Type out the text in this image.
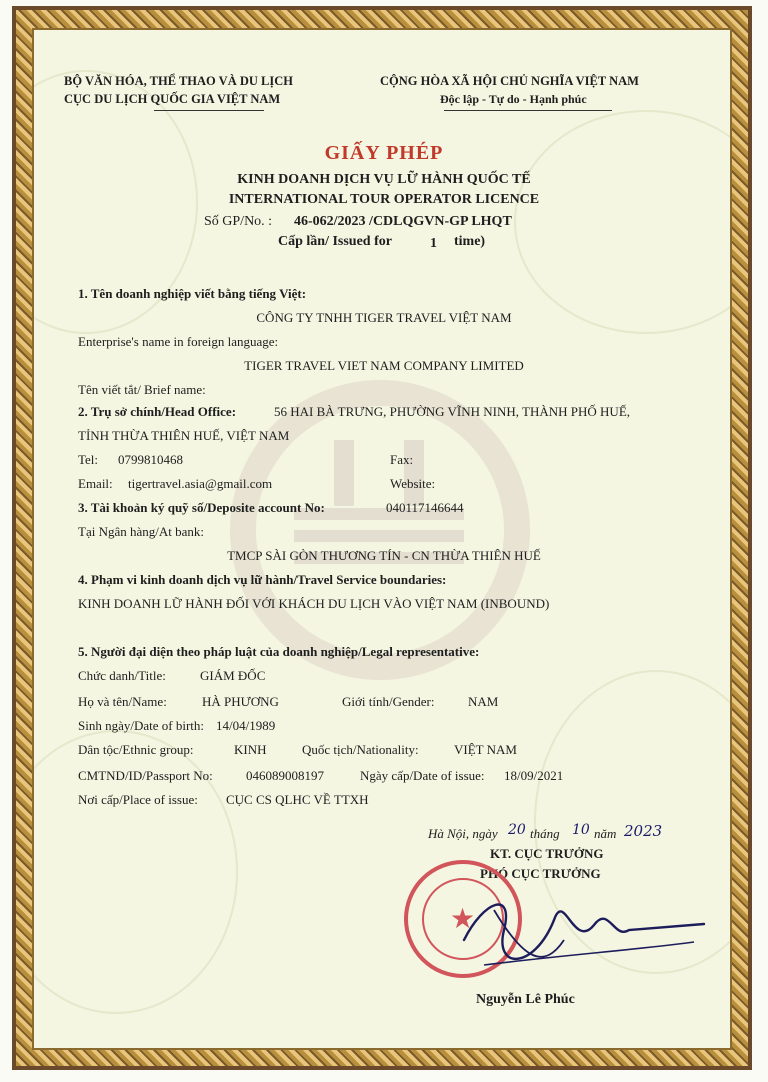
BỘ VĂN HÓA, THỂ THAO VÀ DU LỊCH
CỤC DU LỊCH QUỐC GIA VIỆT NAM
CỘNG HÒA XÃ HỘI CHỦ NGHĨA VIỆT NAM
Độc lập - Tự do - Hạnh phúc
GIẤY PHÉP
KINH DOANH DỊCH VỤ LỮ HÀNH QUỐC TẾ
INTERNATIONAL TOUR OPERATOR LICENCE
Số GP/No. : 46-062/2023 /CDLQGVN-GP LHQT
Cấp lần/ Issued for	1 time)
1. Tên doanh nghiệp viết bằng tiếng Việt:
CÔNG TY TNHH TIGER TRAVEL VIỆT NAM
Enterprise's name in foreign language:
TIGER TRAVEL VIET NAM COMPANY LIMITED
Tên viết tắt/ Brief name:
2. Trụ sở chính/Head Office:	56 HAI BÀ TRƯNG, PHƯỜNG VĨNH NINH, THÀNH PHỐ HUẾ,
TỈNH THỪA THIÊN HUẾ, VIỆT NAM
Tel: 0799810468	Fax:
Email: tigertravel.asia@gmail.com	Website:
3. Tài khoản ký quỹ số/Deposite account No:	040117146644
Tại Ngân hàng/At bank:
TMCP SÀI GÒN THƯƠNG TÍN - CN THỪA THIÊN HUẾ
4. Phạm vi kinh doanh dịch vụ lữ hành/Travel Service boundaries:
KINH DOANH LỮ HÀNH ĐỐI VỚI KHÁCH DU LỊCH VÀO VIỆT NAM (INBOUND)
5. Người đại diện theo pháp luật của doanh nghiệp/Legal representative:
Chức danh/Title:	GIÁM ĐỐC
Họ và tên/Name:	HÀ PHƯƠNG	Giới tính/Gender:	NAM
Sinh ngày/Date of birth: 14/04/1989
Dân tộc/Ethnic group:	KINH	Quốc tịch/Nationality:	VIỆT NAM
CMTND/ID/Passport No:	046089008197	Ngày cấp/Date of issue: 18/09/2021
Nơi cấp/Place of issue: CỤC CS QLHC VỀ TTXH
Hà Nội, ngày 20 tháng 10 năm 2023
KT. CỤC TRƯỞNG
PHÓ CỤC TRƯỞNG
★
Nguyễn Lê Phúc
